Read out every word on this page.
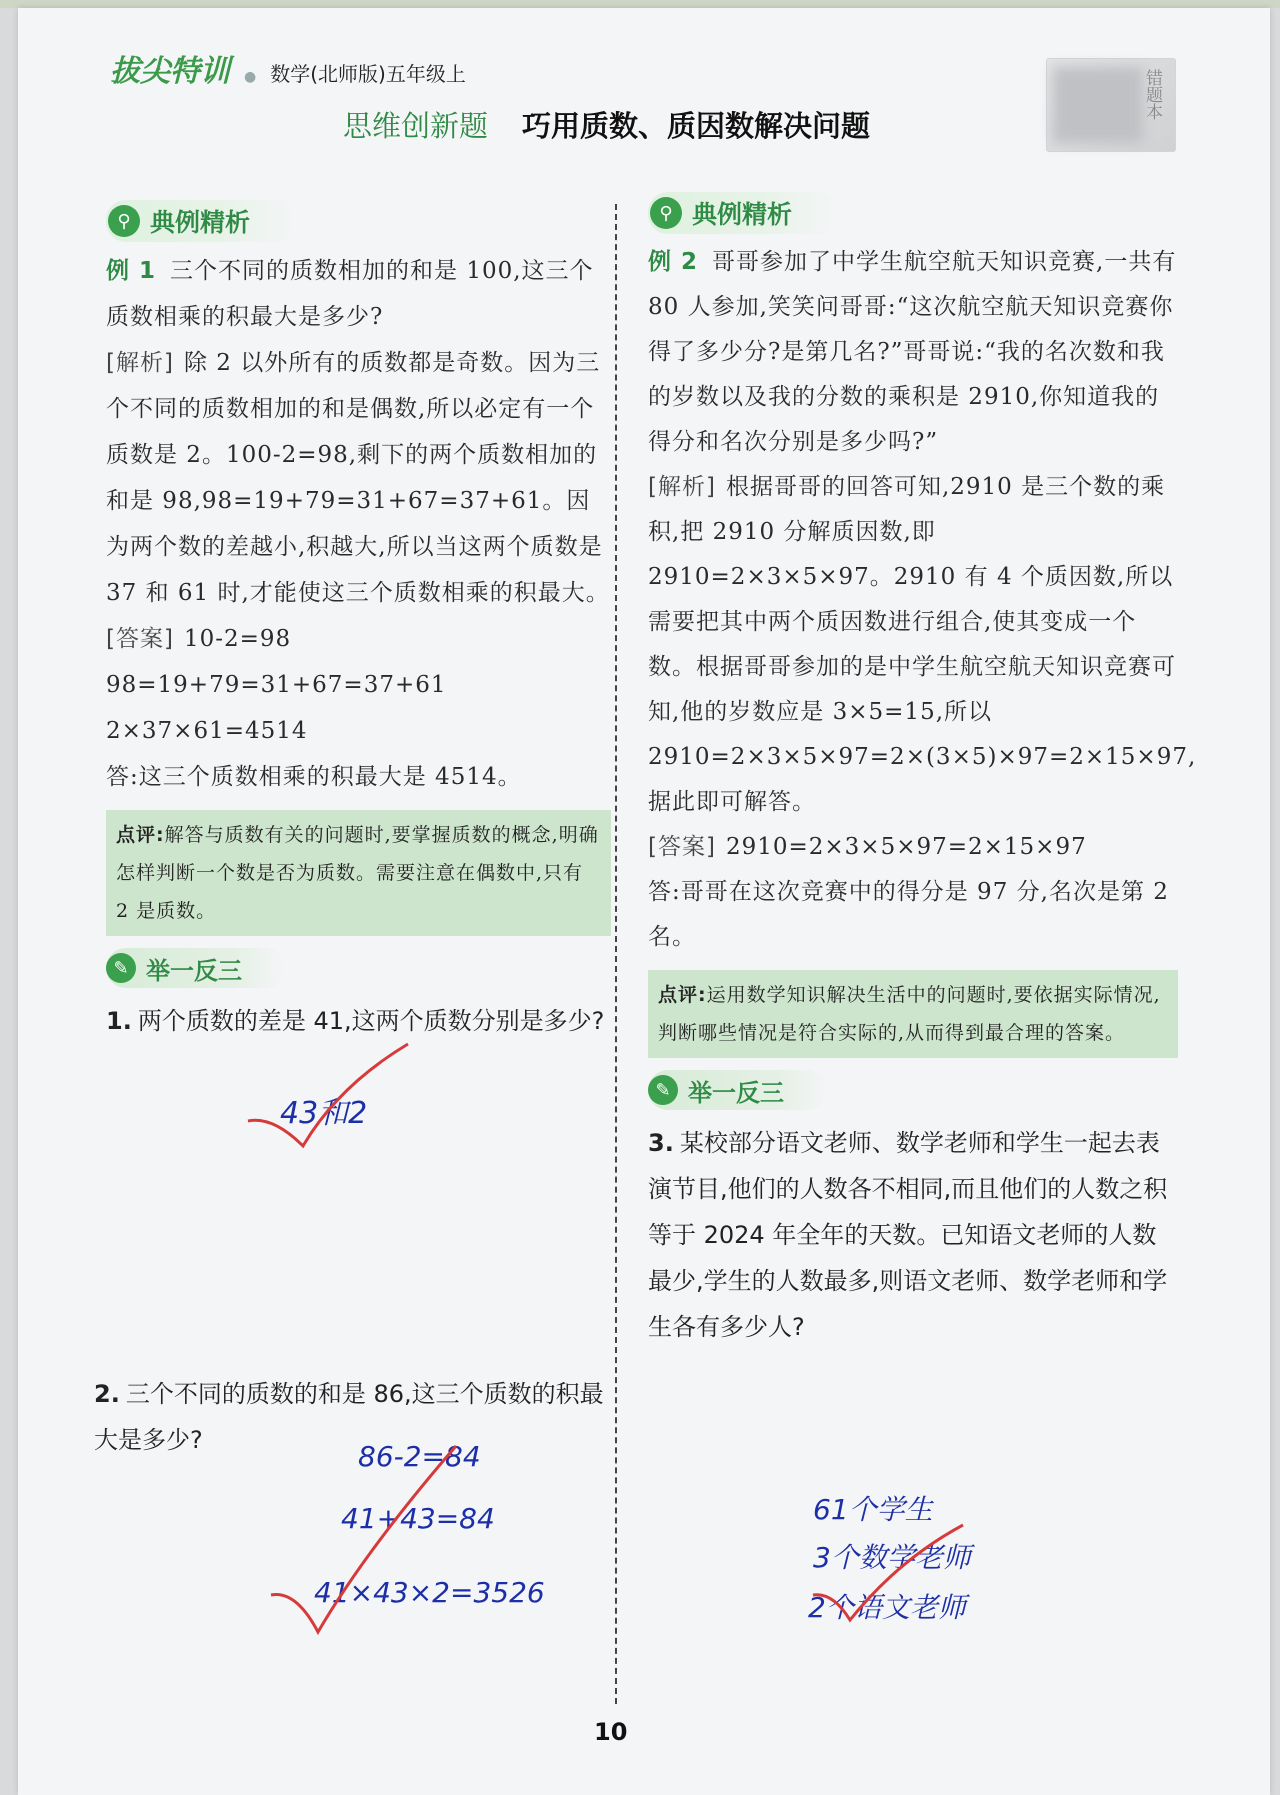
拔尖特训 ● 数学(北师版)五年级上
思维创新题 巧用质数、质因数解决问题
错题本
⚲ 典例精析

例 1 三个不同的质数相加的和是 100,这三个质数相乘的积最大是多少?

[解析] 除 2 以外所有的质数都是奇数。因为三个不同的质数相加的和是偶数,所以必定有一个质数是 2。100-2=98,剩下的两个质数相加的和是 98,98=19+79=31+67=37+61。因为两个数的差越小,积越大,所以当这两个质数是 37 和 61 时,才能使这三个质数相乘的积最大。

[答案] 10-2=98

98=19+79=31+67=37+61

2×37×61=4514

答:这三个质数相乘的积最大是 4514。

点评:解答与质数有关的问题时,要掌握质数的概念,明确怎样判断一个数是否为质数。需要注意在偶数中,只有 2 是质数。

✎ 举一反三

1. 两个质数的差是 41,这两个质数分别是多少?

43和2

2. 三个不同的质数的和是 86,这三个质数的积最大是多少?	86-2=84
41+43=84
41×43×2=3526
⚲ 典例精析

例 2 哥哥参加了中学生航空航天知识竞赛,一共有 80 人参加,笑笑问哥哥:“这次航空航天知识竞赛你得了多少分?是第几名?”哥哥说:“我的名次数和我的岁数以及我的分数的乘积是 2910,你知道我的得分和名次分别是多少吗?”

[解析] 根据哥哥的回答可知,2910 是三个数的乘积,把 2910 分解质因数,即 2910=2×3×5×97。2910 有 4 个质因数,所以需要把其中两个质因数进行组合,使其变成一个数。根据哥哥参加的是中学生航空航天知识竞赛可知,他的岁数应是 3×5=15,所以 2910=2×3×5×97=2×(3×5)×97=2×15×97,据此即可解答。

[答案] 2910=2×3×5×97=2×15×97

答:哥哥在这次竞赛中的得分是 97 分,名次是第 2 名。

点评:运用数学知识解决生活中的问题时,要依据实际情况,判断哪些情况是符合实际的,从而得到最合理的答案。

✎ 举一反三

3. 某校部分语文老师、数学老师和学生一起去表演节目,他们的人数各不相同,而且他们的人数之积等于 2024 年全年的天数。已知语文老师的人数最少,学生的人数最多,则语文老师、数学老师和学生各有多少人?

61个学生
3个数学老师
2个语文老师
10
